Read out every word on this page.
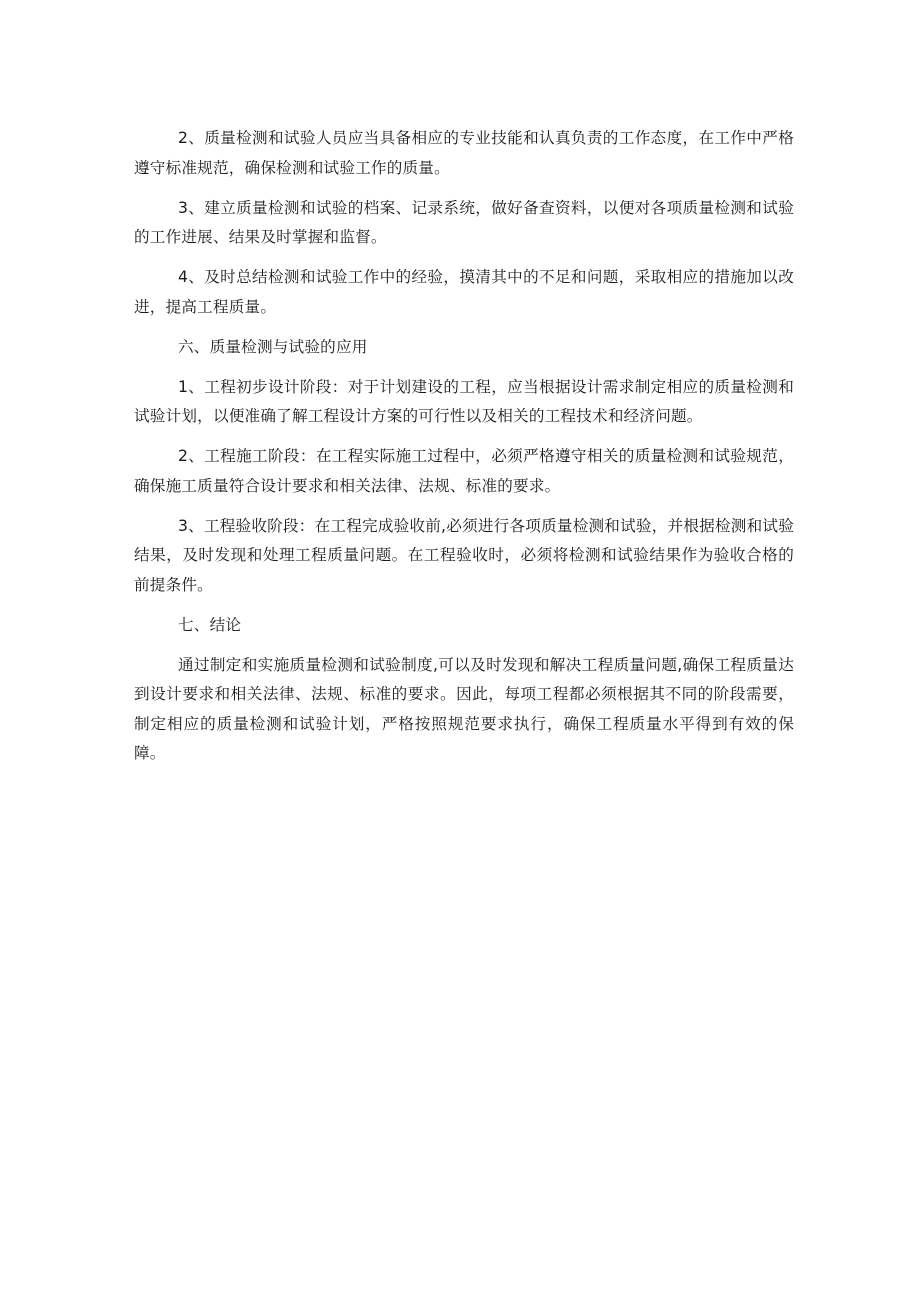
2、质量检测和试验人员应当具备相应的专业技能和认真负责的工作态度，在工作中严格遵守标准规范，确保检测和试验工作的质量。

3、建立质量检测和试验的档案、记录系统，做好备查资料，以便对各项质量检测和试验的工作进展、结果及时掌握和监督。

4、及时总结检测和试验工作中的经验，摸清其中的不足和问题，采取相应的措施加以改进，提高工程质量。

六、质量检测与试验的应用

1、工程初步设计阶段：对于计划建设的工程，应当根据设计需求制定相应的质量检测和试验计划，以便准确了解工程设计方案的可行性以及相关的工程技术和经济问题。

2、工程施工阶段：在工程实际施工过程中，必须严格遵守相关的质量检测和试验规范，确保施工质量符合设计要求和相关法律、法规、标准的要求。

3、工程验收阶段：在工程完成验收前,必须进行各项质量检测和试验，并根据检测和试验结果，及时发现和处理工程质量问题。在工程验收时，必须将检测和试验结果作为验收合格的前提条件。

七、结论

通过制定和实施质量检测和试验制度,可以及时发现和解决工程质量问题,确保工程质量达到设计要求和相关法律、法规、标准的要求。因此，每项工程都必须根据其不同的阶段需要，制定相应的质量检测和试验计划，严格按照规范要求执行，确保工程质量水平得到有效的保障。
